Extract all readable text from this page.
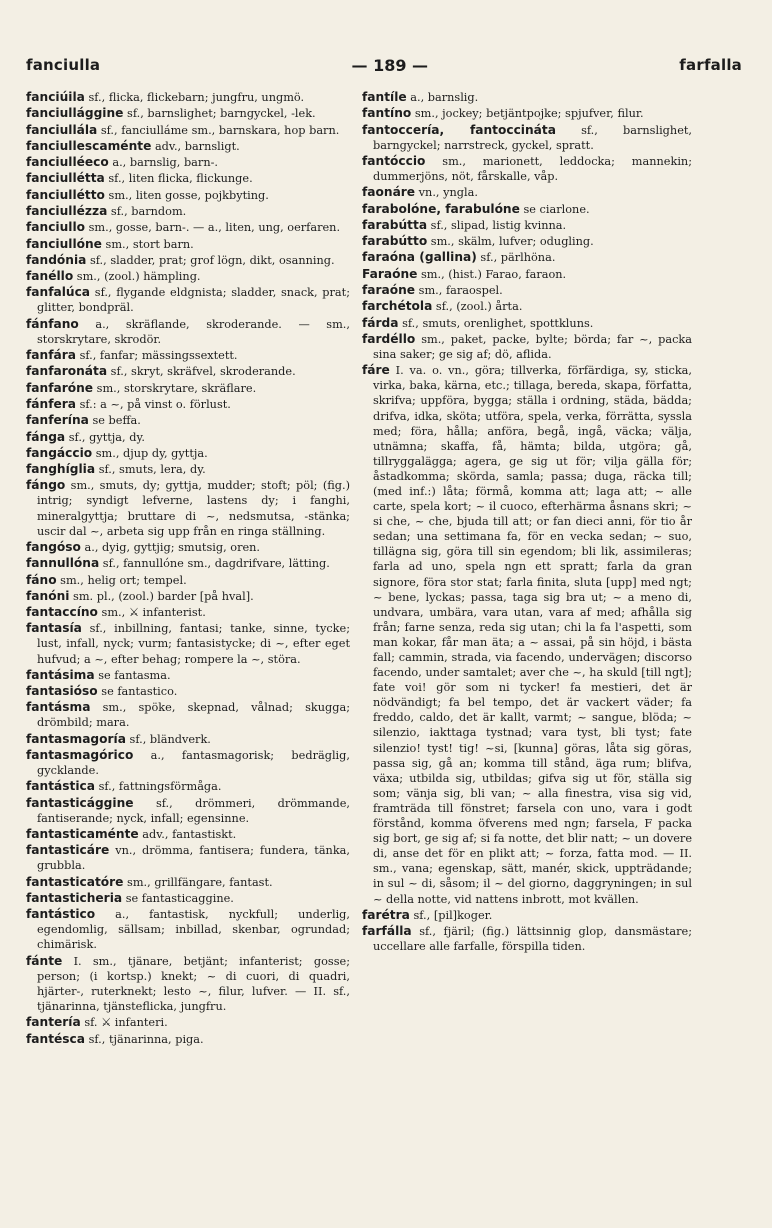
fanciulla	— 189 —	farfalla

fanciúila sf., flicka, flickebarn; jungfru, ungmö.

fanciullággine sf., barnslighet; barngyckel, -lek.

fanciullála sf., fanciulláme sm., barnskara, hop barn.

fanciullescaménte adv., barnsligt.

fanciulléeco a., barnslig, barn-.

fanciullétta sf., liten flicka, flickunge.

fanciullétto sm., liten gosse, pojkbyting.

fanciullézza sf., barndom.

fanciullo sm., gosse, barn-. — a., liten, ung, oerfaren.

fanciullóne sm., stort barn.

fandónia sf., sladder, prat; grof lögn, dikt, osanning.

fanéllo sm., (zool.) hämpling.

fanfalúca sf., flygande eldgnista; sladder, snack, prat; glitter, bondpräl.

fánfano a., skräflande, skroderande. — sm., storskrytare, skrodör.

fanfára sf., fanfar; mässingssextett.

fanfaronáta sf., skryt, skräfvel, skroderande.

fanfaróne sm., storskrytare, skräflare.

fánfera sf.: a ~, på vinst o. förlust.

fanferína se beffa.

fánga sf., gyttja, dy.

fangáccio sm., djup dy, gyttja.

fanghíglia sf., smuts, lera, dy.

fángo sm., smuts, dy; gyttja, mudder; stoft; pöl; (fig.) intrig; syndigt lefverne, lastens dy; i fanghi, mineralgyttja; bruttare di ~, nedsmutsa, -stänka; uscir dal ~, arbeta sig upp från en ringa ställning.

fangóso a., dyig, gyttjig; smutsig, oren.

fannullóna sf., fannullóne sm., dagdrifvare, lätting.

fáno sm., helig ort; tempel.

fanóni sm. pl., (zool.) barder [på hval].

fantaccíno sm., ⚔ infanterist.

fantasía sf., inbillning, fantasi; tanke, sinne, tycke; lust, infall, nyck; vurm; fantasistycke; di ~, efter eget hufvud; a ~, efter behag; rompere la ~, störa.

fantásima se fantasma.

fantasióso se fantastico.

fantásma sm., spöke, skepnad, vålnad; skugga; drömbild; mara.

fantasmagoría sf., bländverk.

fantasmagórico a., fantasmagorisk; bedräglig, gycklande.

fantástica sf., fattningsförmåga.

fantasticággine sf., drömmeri, drömmande, fantiserande; nyck, infall; egensinne.

fantasticaménte adv., fantastiskt.

fantasticáre vn., drömma, fantisera; fundera, tänka, grubbla.

fantasticatóre sm., grillfängare, fantast.

fantasticheria se fantasticaggine.

fantástico a., fantastisk, nyckfull; underlig, egendomlig, sällsam; inbillad, skenbar, ogrundad; chimärisk.

fánte I. sm., tjänare, betjänt; infanterist; gosse; person; (i kortsp.) knekt; ~ di cuori, di quadri, hjärter-, ruterknekt; lesto ~, filur, lufver. — II. sf., tjänarinna, tjänsteflicka, jungfru.

fantería sf. ⚔ infanteri.

fantésca sf., tjänarinna, piga.

fantíle a., barnslig.

fantíno sm., jockey; betjäntpojke; spjufver, filur.

fantoccería, fantoccináta sf., barnslighet, barngyckel; narrstreck, gyckel, spratt.

fantóccio sm., marionett, leddocka; mannekin; dummerjöns, nöt, fårskalle, våp.

faonáre vn., yngla.

farabolóne, farabulóne se ciarlone.

farabútta sf., slipad, listig kvinna.

farabútto sm., skälm, lufver; odugling.

faraóna (gallina) sf., pärlhöna.

Faraóne sm., (hist.) Farao, faraon.

faraóne sm., faraospel.

farchétola sf., (zool.) årta.

fárda sf., smuts, orenlighet, spottkluns.

fardéllo sm., paket, packe, bylte; börda; far ~, packa sina saker; ge sig af; dö, aflida.

fáre I. va. o. vn., göra; tillverka, förfärdiga, sy, sticka, virka, baka, kärna, etc.; tillaga, bereda, skapa, författa, skrifva; uppföra, bygga; ställa i ordning, städa, bädda; drifva, idka, sköta; utföra, spela, verka, förrätta, syssla med; föra, hålla; anföra, begå, ingå, väcka; välja, utnämna; skaffa, få, hämta; bilda, utgöra; gå, tillryggalägga; agera, ge sig ut för; vilja gälla för; åstadkomma; skörda, samla; passa; duga, räcka till; (med inf.:) låta; förmå, komma att; laga att; ~ alle carte, spela kort; ~ il cuoco, efterhärma åsnans skri; ~ si che, ~ che, bjuda till att; or fan dieci anni, för tio år sedan; una settimana fa, för en vecka sedan; ~ suo, tillägna sig, göra till sin egendom; bli lik, assimileras; farla ad uno, spela ngn ett spratt; farla da gran signore, föra stor stat; farla finita, sluta [upp] med ngt; ~ bene, lyckas; passa, taga sig bra ut; ~ a meno di, undvara, umbära, vara utan, vara af med; afhålla sig från; farne senza, reda sig utan; chi la fa l'aspetti, som man kokar, får man äta; a ~ assai, på sin höjd, i bästa fall; cammin, strada, via facendo, undervägen; discorso facendo, under samtalet; aver che ~, ha skuld [till ngt]; fate voi! gör som ni tycker! fa mestieri, det är nödvändigt; fa bel tempo, det är vackert väder; fa freddo, caldo, det är kallt, varmt; ~ sangue, blöda; ~ silenzio, iakttaga tystnad; vara tyst, bli tyst; fate silenzio! tyst! tig! ~si, [kunna] göras, låta sig göras, passa sig, gå an; komma till stånd, äga rum; blifva, växa; utbilda sig, utbildas; gifva sig ut för, ställa sig som; vänja sig, bli van; ~ alla finestra, visa sig vid, framträda till fönstret; farsela con uno, vara i godt förstånd, komma öfverens med ngn; farsela, F packa sig bort, ge sig af; si fa notte, det blir natt; ~ un dovere di, anse det för en plikt att; ~ forza, fatta mod. — II. sm., vana; egenskap, sätt, manér, skick, uppträdande; in sul ~ di, såsom; il ~ del giorno, daggryningen; in sul ~ della notte, vid nattens inbrott, mot kvällen.

farétra sf., [pil]koger.

farfálla sf., fjäril; (fig.) lättsinnig glop, dansmästare; uccellare alle farfalle, förspilla tiden.
